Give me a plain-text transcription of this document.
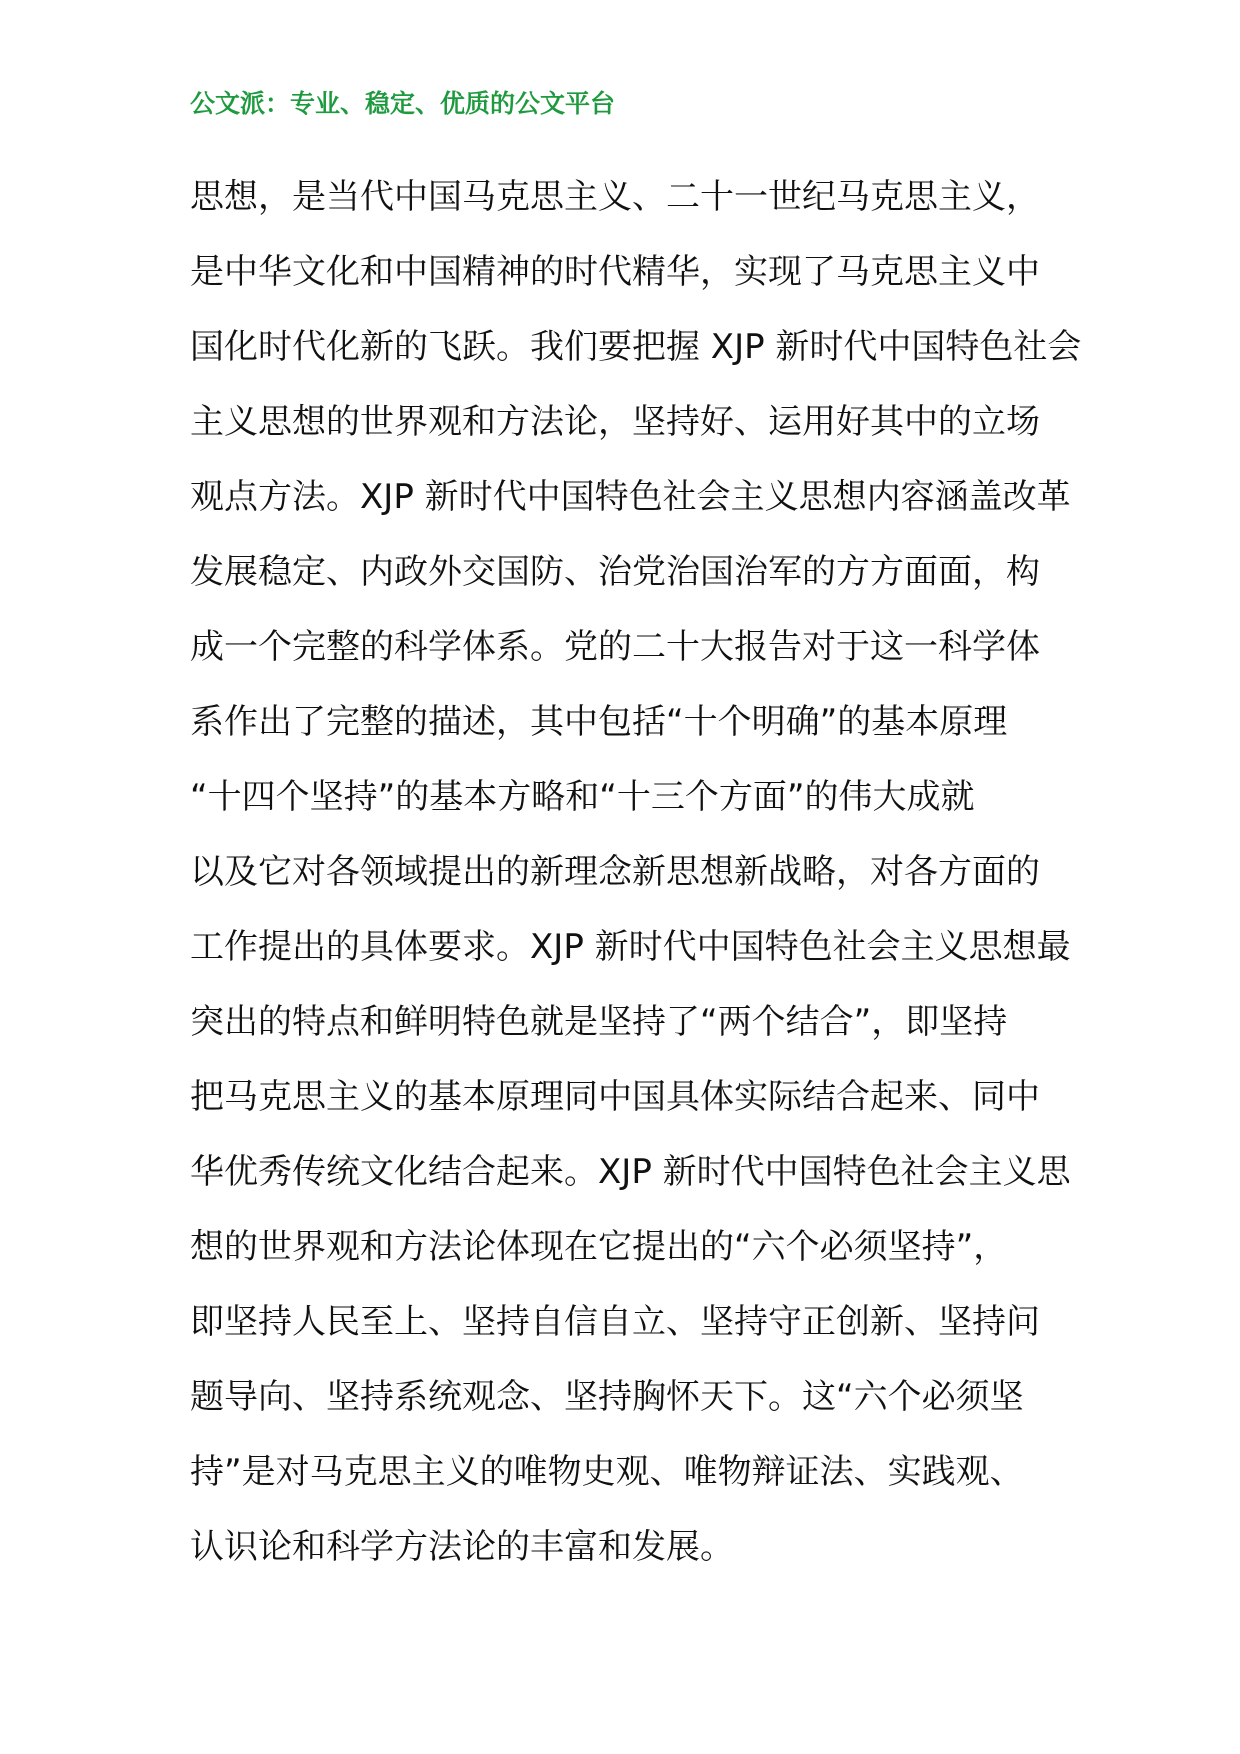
公文派：专业、稳定、优质的公文平台
思想，是当代中国马克思主义、二十一世纪马克思主义，
是中华文化和中国精神的时代精华，实现了马克思主义中
国化时代化新的飞跃。我们要把握 XJP 新时代中国特色社会
主义思想的世界观和方法论，坚持好、运用好其中的立场
观点方法。XJP 新时代中国特色社会主义思想内容涵盖改革
发展稳定、内政外交国防、治党治国治军的方方面面，构
成一个完整的科学体系。党的二十大报告对于这一科学体
系作出了完整的描述，其中包括“十个明确”的基本原理
“十四个坚持”的基本方略和“十三个方面”的伟大成就
以及它对各领域提出的新理念新思想新战略，对各方面的
工作提出的具体要求。XJP 新时代中国特色社会主义思想最
突出的特点和鲜明特色就是坚持了“两个结合”，即坚持
把马克思主义的基本原理同中国具体实际结合起来、同中
华优秀传统文化结合起来。XJP 新时代中国特色社会主义思
想的世界观和方法论体现在它提出的“六个必须坚持”，
即坚持人民至上、坚持自信自立、坚持守正创新、坚持问
题导向、坚持系统观念、坚持胸怀天下。这“六个必须坚
持”是对马克思主义的唯物史观、唯物辩证法、实践观、
认识论和科学方法论的丰富和发展。
